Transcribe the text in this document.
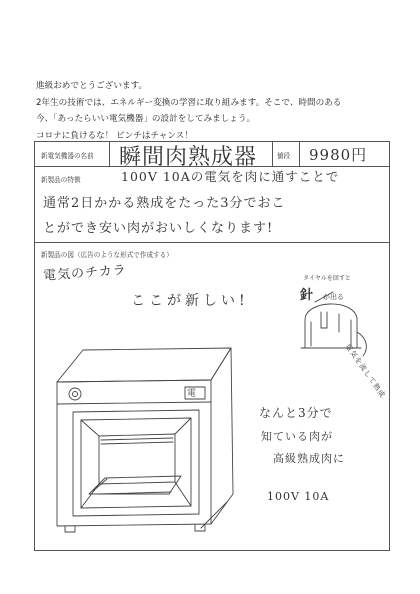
進級おめでとうございます。
2年生の技術では、エネルギー変換の学習に取り組みます。そこで、時間のある
今、「あったらいい電気機器」の設計をしてみましょう。
コロナに負けるな！ ピンチはチャンス！
新電気機器の名前 瞬間肉熟成器	値段 9980円
新製品の特徴	100V 10Aの電気を肉に通すことで
通常2日かかる熟成をたった3分でおこ
とができ安い肉がおいしくなります!
新製品の図（広告のような形式で作成する）
電気のチカラ
ここが新しい!
タイヤルを回すと
針 が出る
電気を流して熟成
なんと3分で
知ている肉が
高級熟成肉に
100V 10A
電
